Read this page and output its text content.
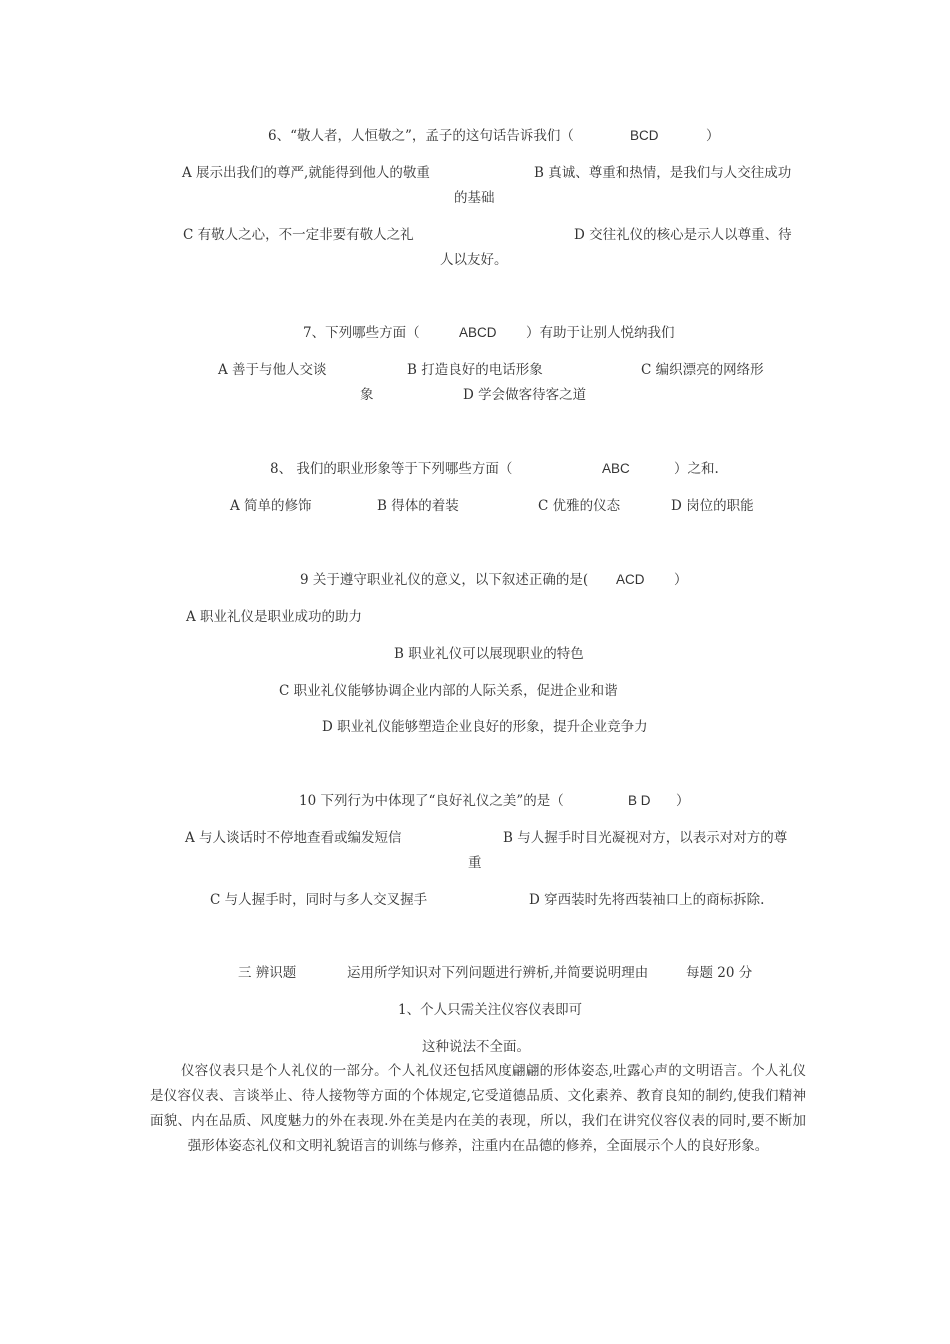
6、“敬人者，人恒敬之”，孟子的这句话告诉我们（	BCD	）
A 展示出我们的尊严,就能得到他人的敬重	B 真诚、尊重和热情，是我们与人交往成功
的基础
C 有敬人之心，不一定非要有敬人之礼	D 交往礼仪的核心是示人以尊重、待
人以友好。
7、下列哪些方面（	ABCD ）有助于让别人悦纳我们
A 善于与他人交谈	B 打造良好的电话形象	C 编织漂亮的网络形
象	D 学会做客待客之道
8、 我们的职业形象等于下列哪些方面（	ABC	）之和.
A 简单的修饰	B 得体的着装	C 优雅的仪态	D 岗位的职能
9 关于遵守职业礼仪的意义，以下叙述正确的是( ACD ）
A 职业礼仪是职业成功的助力
B 职业礼仪可以展现职业的特色
C 职业礼仪能够协调企业内部的人际关系，促进企业和谐
D 职业礼仪能够塑造企业良好的形象，提升企业竞争力
10 下列行为中体现了“良好礼仪之美”的是（	B D ）
A 与人谈话时不停地查看或编发短信	B 与人握手时目光凝视对方，以表示对对方的尊
重
C 与人握手时，同时与多人交叉握手	D 穿西装时先将西装袖口上的商标拆除.
三 辨识题	运用所学知识对下列问题进行辨析,并简要说明理由	每题 20 分
1、个人只需关注仪容仪表即可
这种说法不全面。

仪容仪表只是个人礼仪的一部分。个人礼仪还包括风度翩翩的形体姿态,吐露心声的文明语言。个人礼仪是仪容仪表、言谈举止、待人接物等方面的个体规定,它受道德品质、文化素养、教育良知的制约,使我们精神面貌、内在品质、风度魅力的外在表现.外在美是内在美的表现，所以，我们在讲究仪容仪表的同时,要不断加强形体姿态礼仪和文明礼貌语言的训练与修养，注重内在品德的修养，全面展示个人的良好形象。
